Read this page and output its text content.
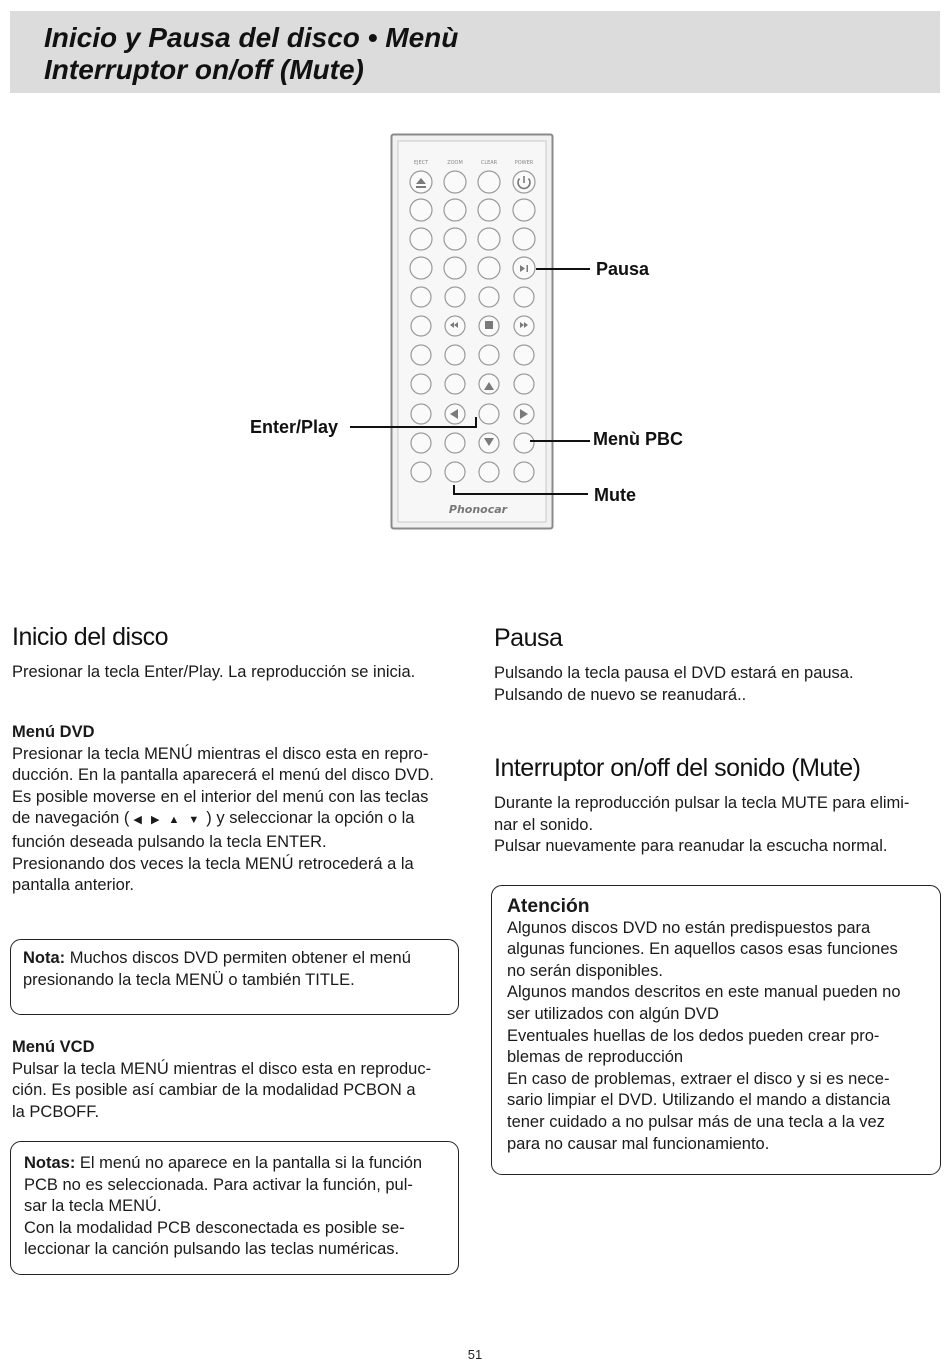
Inicio y Pausa del disco • Menù
Interruptor on/off (Mute)
EJECT	ZOOM	CLEAR	POWER
Phonocar
Pausa
Enter/Play
Menù PBC
Mute
Inicio del disco

Presionar la tecla Enter/Play. La reproducción se inicia.

Menú DVD

Presionar la tecla MENÚ mientras el disco esta en repro-
ducción. En la pantalla aparecerá el menú del disco DVD.
Es posible moverse en el interior del menú con las teclas
de navegación ( ◀ ▶ ▲ ▼ ) y seleccionar la opción o la
función deseada pulsando la tecla ENTER.
Presionando dos veces la tecla MENÚ retrocederá a la
pantalla anterior.

Nota: Muchos discos DVD permiten obtener el menú
presionando la tecla MENÜ o también TITLE.

Menú VCD

Pulsar la tecla MENÚ mientras el disco esta en reproduc-
ción. Es posible así cambiar de la modalidad PCBON a
la PCBOFF.

Notas: El menú no aparece en la pantalla si la función
PCB no es seleccionada. Para activar la función, pul-
sar la tecla MENÚ.
Con la modalidad PCB desconectada es posible se-
leccionar la canción pulsando las teclas numéricas.

Pausa

Pulsando la tecla pausa el DVD estará en pausa.
Pulsando de nuevo se reanudará..

Interruptor on/off del sonido (Mute)

Durante la reproducción pulsar la tecla MUTE para elimi-
nar el sonido.
Pulsar nuevamente para reanudar la escucha normal.

Atención

Algunos discos DVD no están predispuestos para
algunas funciones. En aquellos casos esas funciones
no serán disponibles.
Algunos mandos descritos en este manual pueden no
ser utilizados con algún DVD
Eventuales huellas de los dedos pueden crear pro-
blemas de reproducción
En caso de problemas, extraer el disco y si es nece-
sario limpiar el DVD. Utilizando el mando a distancia
tener cuidado a no pulsar más de una tecla a la vez
para no causar mal funcionamiento.

51
